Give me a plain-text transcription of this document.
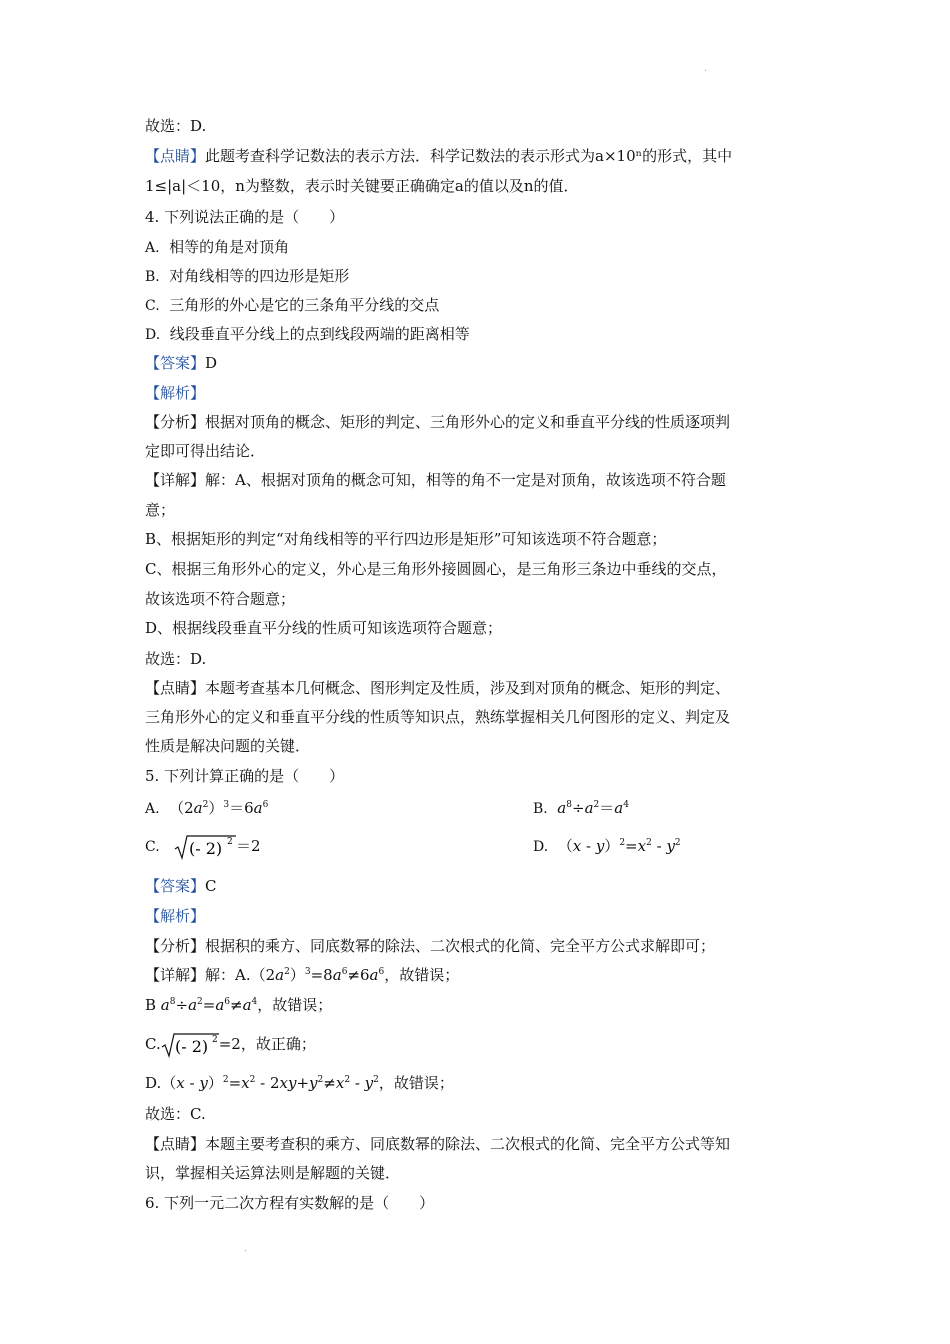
.
故选：D.
【点睛】此题考查科学记数法的表示方法．科学记数法的表示形式为a×10ⁿ的形式，其中
1≤|a|＜10，n为整数，表示时关键要正确确定a的值以及n的值．
4. 下列说法正确的是（　　）
A. 相等的角是对顶角
B. 对角线相等的四边形是矩形
C. 三角形的外心是它的三条角平分线的交点
D. 线段垂直平分线上的点到线段两端的距离相等
【答案】D
【解析】
【分析】根据对顶角的概念、矩形的判定、三角形外心的定义和垂直平分线的性质逐项判
定即可得出结论．
【详解】解：A、根据对顶角的概念可知，相等的角不一定是对顶角，故该选项不符合题
意；
B、根据矩形的判定“对角线相等的平行四边形是矩形”可知该选项不符合题意；
C、根据三角形外心的定义，外心是三角形外接圆圆心，是三角形三条边中垂线的交点，
故该选项不符合题意；
D、根据线段垂直平分线的性质可知该选项符合题意；
故选：D.
【点睛】本题考查基本几何概念、图形判定及性质，涉及到对顶角的概念、矩形的判定、
三角形外心的定义和垂直平分线的性质等知识点，熟练掌握相关几何图形的定义、判定及
性质是解决问题的关键．
5. 下列计算正确的是（　　）
A.  $(2a^2)^3=6a^6$	B. $a^8\div a^2=a^4$
C. (- 2) 2 ＝2	D.  $(x - y)^2=x^2 - y^2$
【答案】C
【解析】
【分析】根据积的乘方、同底数幂的除法、二次根式的化简、完全平方公式求解即可；
【详解】解：$A.(2a^2)^3=8a^6\ne 6a^6$，故错误；
B $a^8\div a^2=a^6\ne a^4$，故错误；
C. (- 2) 2 =2，故正确；
$D.(x - y)^2=x^2 - 2xy+y^2\ne x^2 - y^2$，故错误；
故选：C.
【点睛】本题主要考查积的乘方、同底数幂的除法、二次根式的化简、完全平方公式等知
识，掌握相关运算法则是解题的关键．
6. 下列一元二次方程有实数解的是（　　）
.
